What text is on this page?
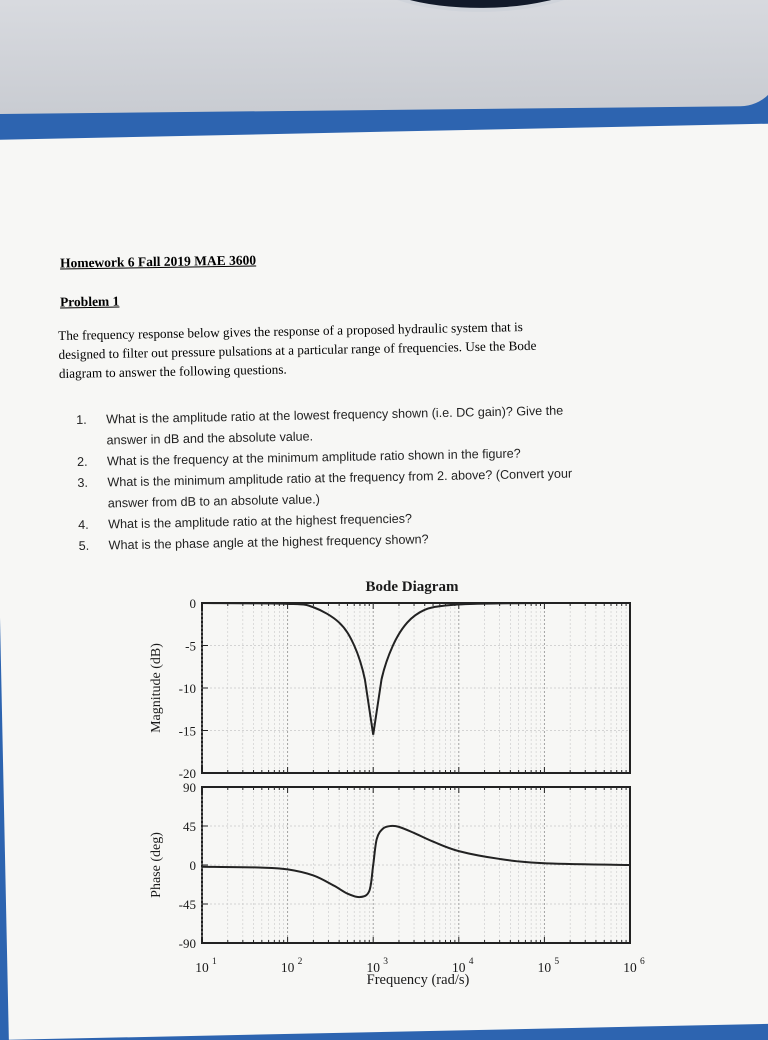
Homework 6 Fall 2019 MAE 3600
Problem 1
The frequency response below gives the response of a proposed hydraulic system that is
designed to filter out pressure pulsations at a particular range of frequencies. Use the Bode
diagram to answer the following questions.
1. What is the amplitude ratio at the lowest frequency shown (i.e. DC gain)? Give the
answer in dB and the absolute value.
2. What is the frequency at the minimum amplitude ratio shown in the figure?
3. What is the minimum amplitude ratio at the frequency from 2. above? (Convert your
answer from dB to an absolute value.)
4. What is the amplitude ratio at the highest frequencies?
5. What is the phase angle at the highest frequency shown?
Bode Diagram
0
-5
-10
-15
-20
Magnitude (dB)
90
45
0
-45
-90
Phase (deg)
10 1	10 2	10 3	10 4	10 5	10 6
Frequency (rad/s)
